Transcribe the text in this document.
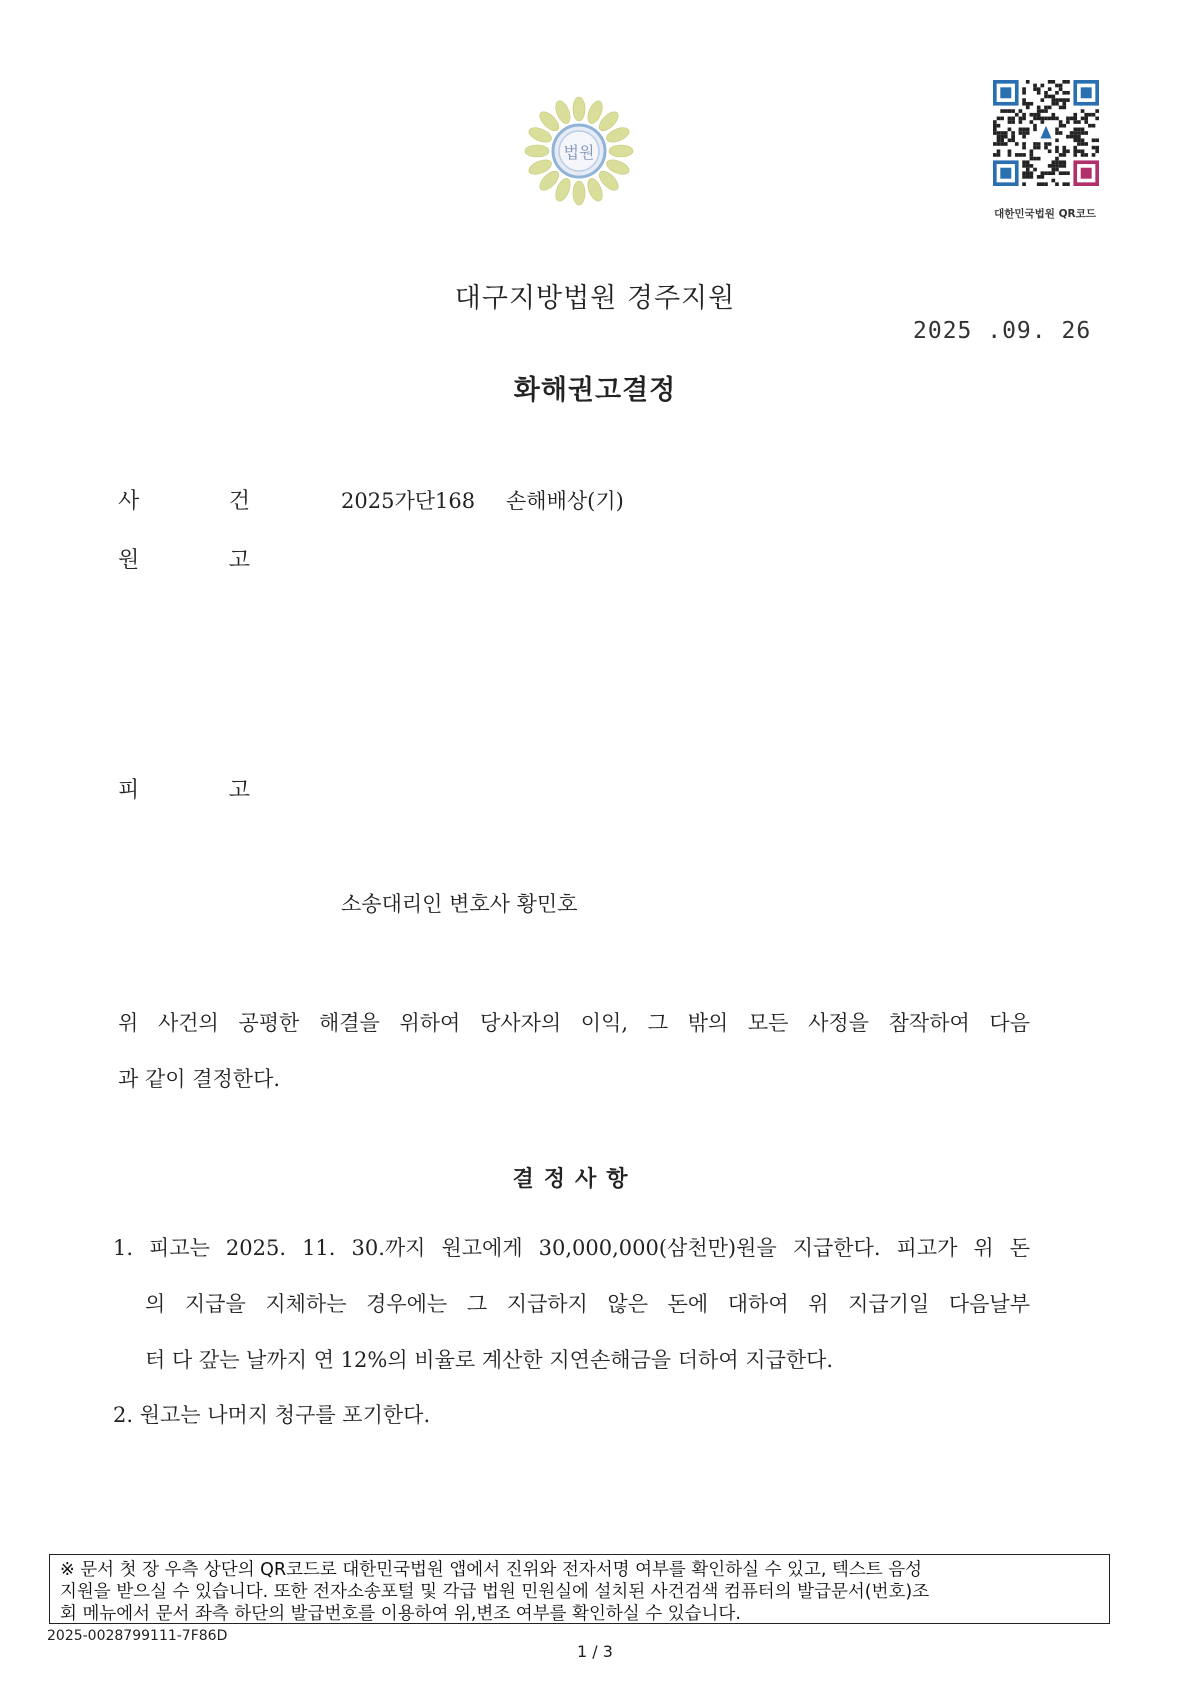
법원
대한민국법원 QR코드
대구지방법원 경주지원
2025 .09. 26
화해권고결정
사 건	2025가단168 손해배상(기)
원 고
피 고
소송대리인 변호사 황민호
위 사건의 공평한 해결을 위하여 당사자의 이익, 그 밖의 모든 사정을 참작하여 다음
과 같이 결정한다.
결정사항
1. 피고는 2025. 11. 30.까지 원고에게 30,000,000(삼천만)원을 지급한다. 피고가 위 돈
의 지급을 지체하는 경우에는 그 지급하지 않은 돈에 대하여 위 지급기일 다음날부
터 다 갚는 날까지 연 12%의 비율로 계산한 지연손해금을 더하여 지급한다.
2. 원고는 나머지 청구를 포기한다.
※ 문서 첫 장 우측 상단의 QR코드로 대한민국법원 앱에서 진위와 전자서명 여부를 확인하실 수 있고, 텍스트 음성
지원을 받으실 수 있습니다. 또한 전자소송포털 및 각급 법원 민원실에 설치된 사건검색 컴퓨터의 발급문서(번호)조
회 메뉴에서 문서 좌측 하단의 발급번호를 이용하여 위,변조 여부를 확인하실 수 있습니다.
2025-0028799111-7F86D
1 / 3
